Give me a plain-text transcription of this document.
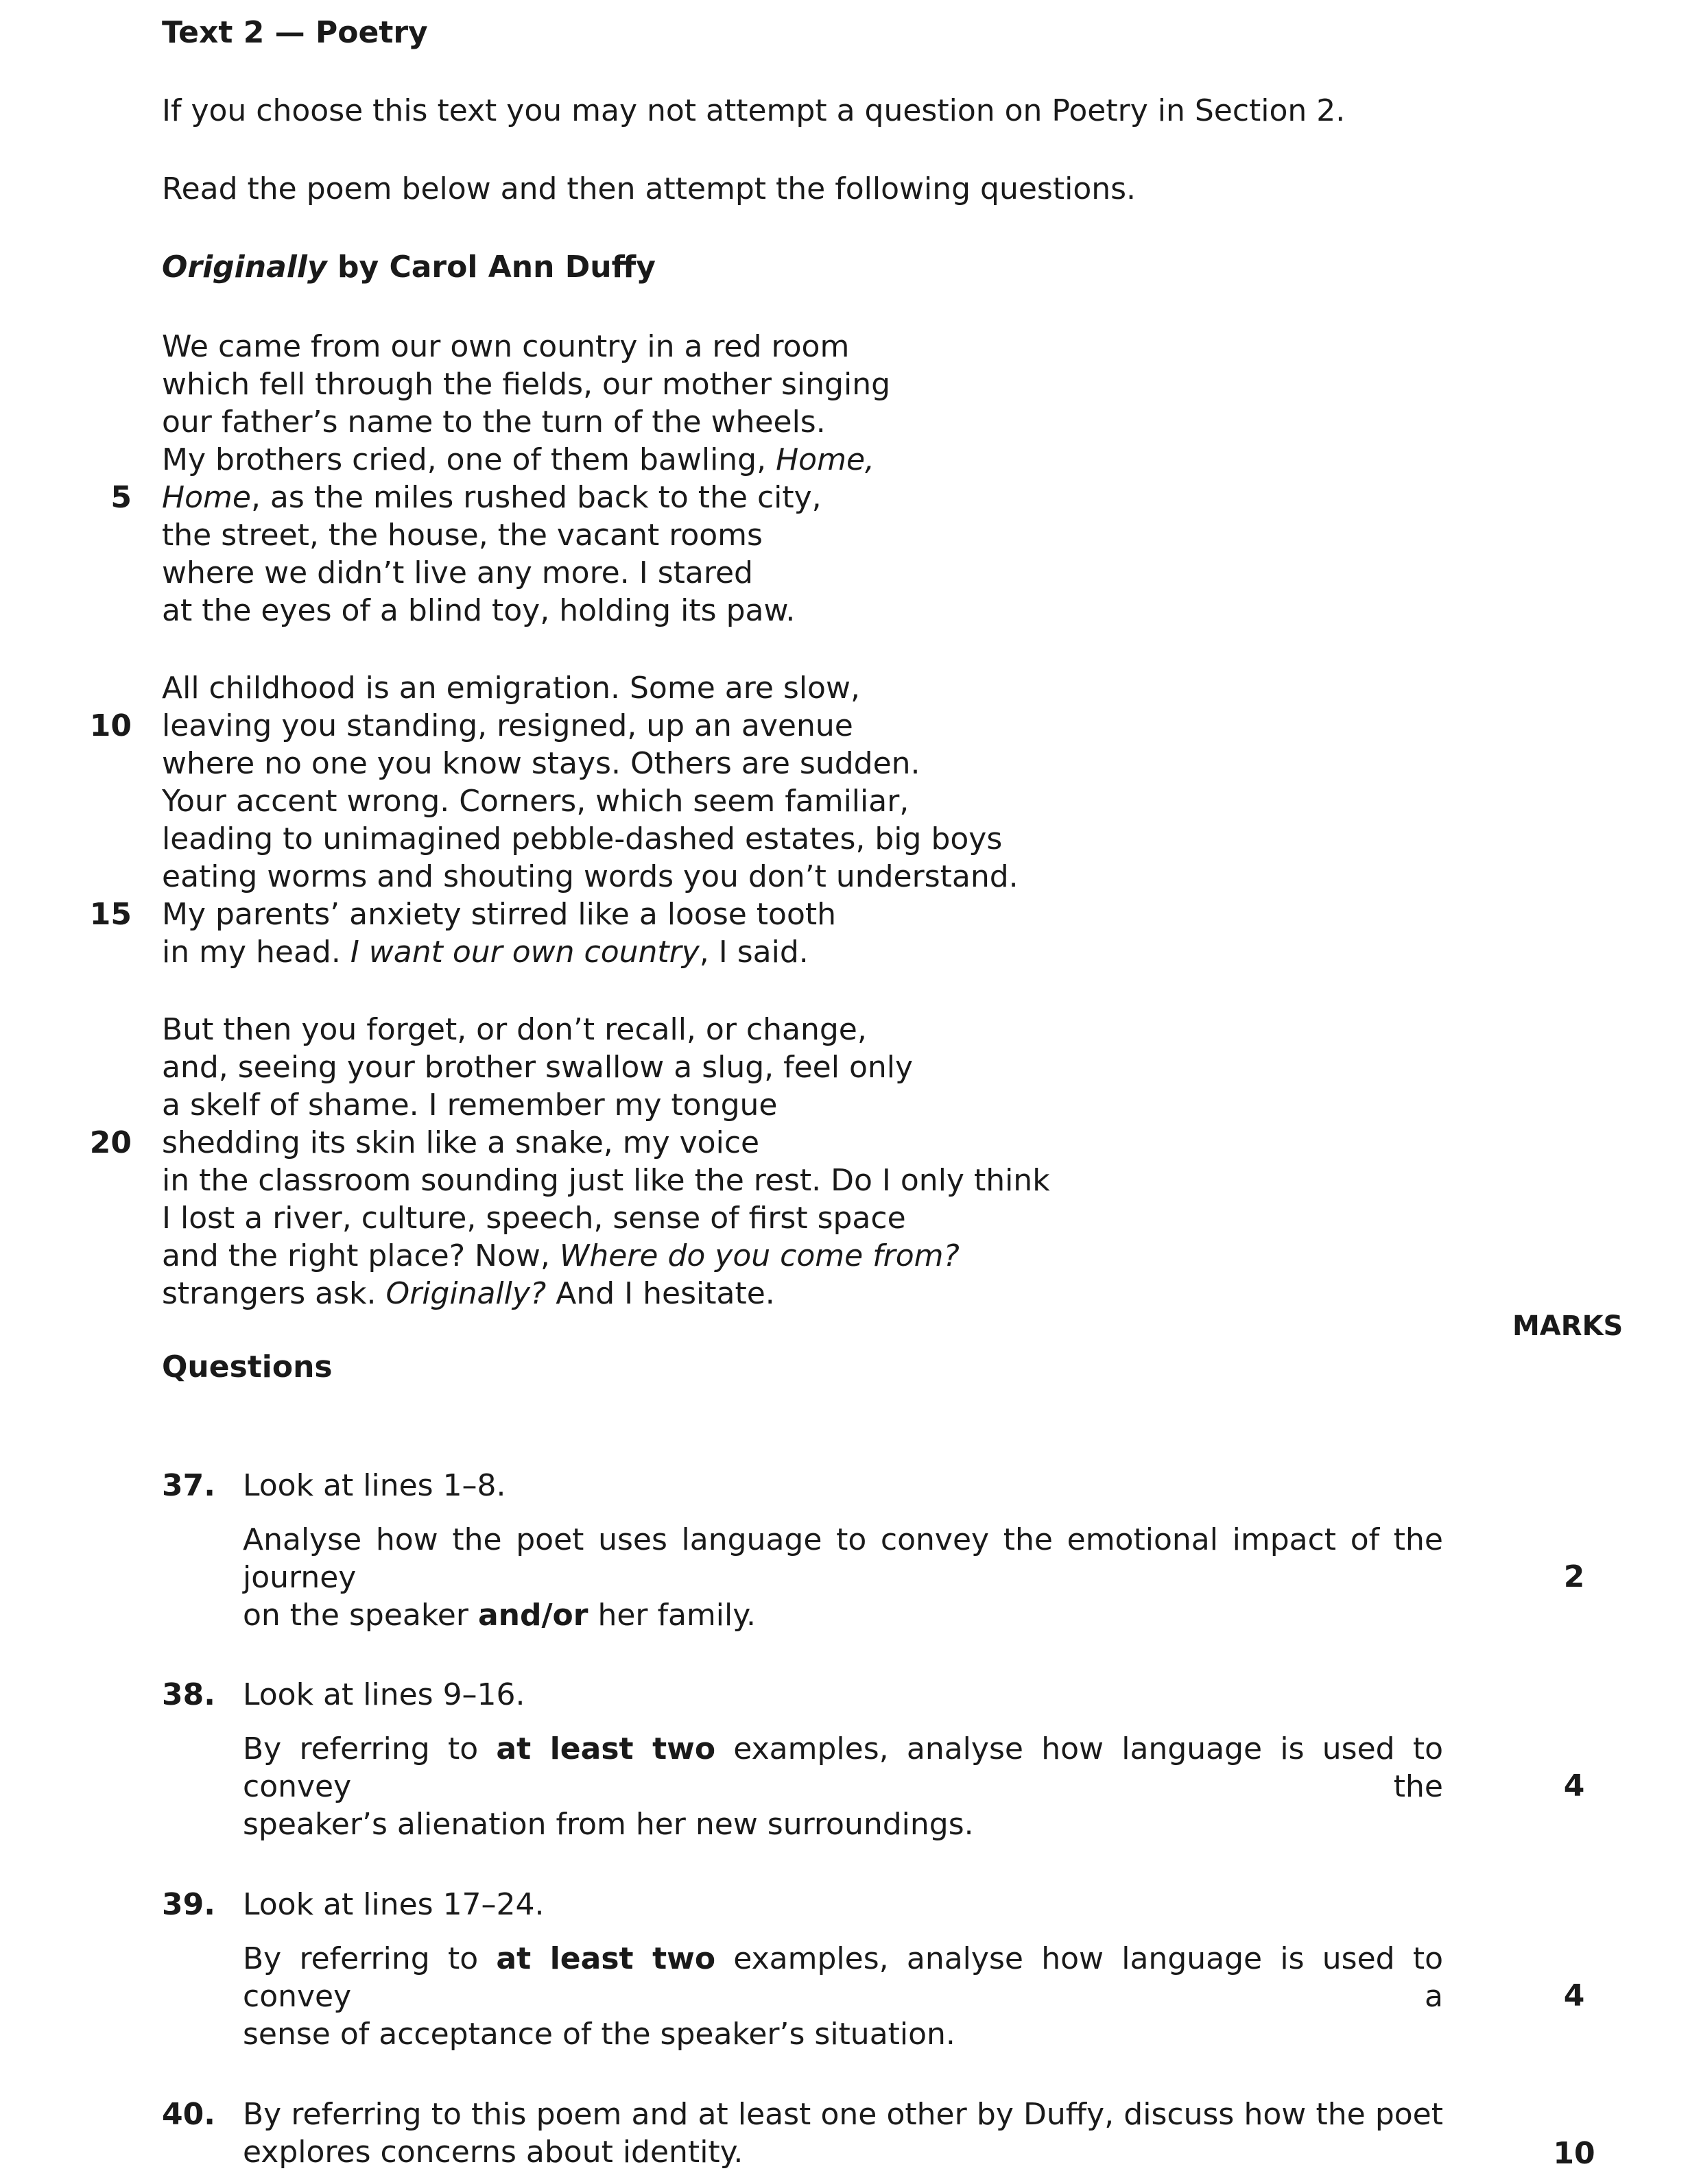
Text 2 — Poetry
If you choose this text you may not attempt a question on Poetry in Section 2.
Read the poem below and then attempt the following questions.
Originally by Carol Ann Duffy
We came from our own country in a red room
which fell through the fields, our mother singing
our father’s name to the turn of the wheels.
My brothers cried, one of them bawling, Home,
Home, as the miles rushed back to the city,
the street, the house, the vacant rooms
where we didn’t live any more. I stared
at the eyes of a blind toy, holding its paw.
All childhood is an emigration. Some are slow,
leaving you standing, resigned, up an avenue
where no one you know stays. Others are sudden.
Your accent wrong. Corners, which seem familiar,
leading to unimagined pebble-dashed estates, big boys
eating worms and shouting words you don’t understand.
My parents’ anxiety stirred like a loose tooth
in my head. I want our own country, I said.
But then you forget, or don’t recall, or change,
and, seeing your brother swallow a slug, feel only
a skelf of shame. I remember my tongue
shedding its skin like a snake, my voice
in the classroom sounding just like the rest. Do I only think
I lost a river, culture, speech, sense of first space
and the right place? Now, Where do you come from?
strangers ask. Originally? And I hesitate.
5
10
15
20
MARKS
Questions
37. Look at lines 1–8.
Analyse how the poet uses language to convey the emotional impact of the journey
on the speaker and/or her family.
2
38. Look at lines 9–16.
By referring to at least two examples, analyse how language is used to convey the
speaker’s alienation from her new surroundings.
4
39. Look at lines 17–24.
By referring to at least two examples, analyse how language is used to convey a
sense of acceptance of the speaker’s situation.
4
40. By referring to this poem and at least one other by Duffy, discuss how the poet
explores concerns about identity.	10
